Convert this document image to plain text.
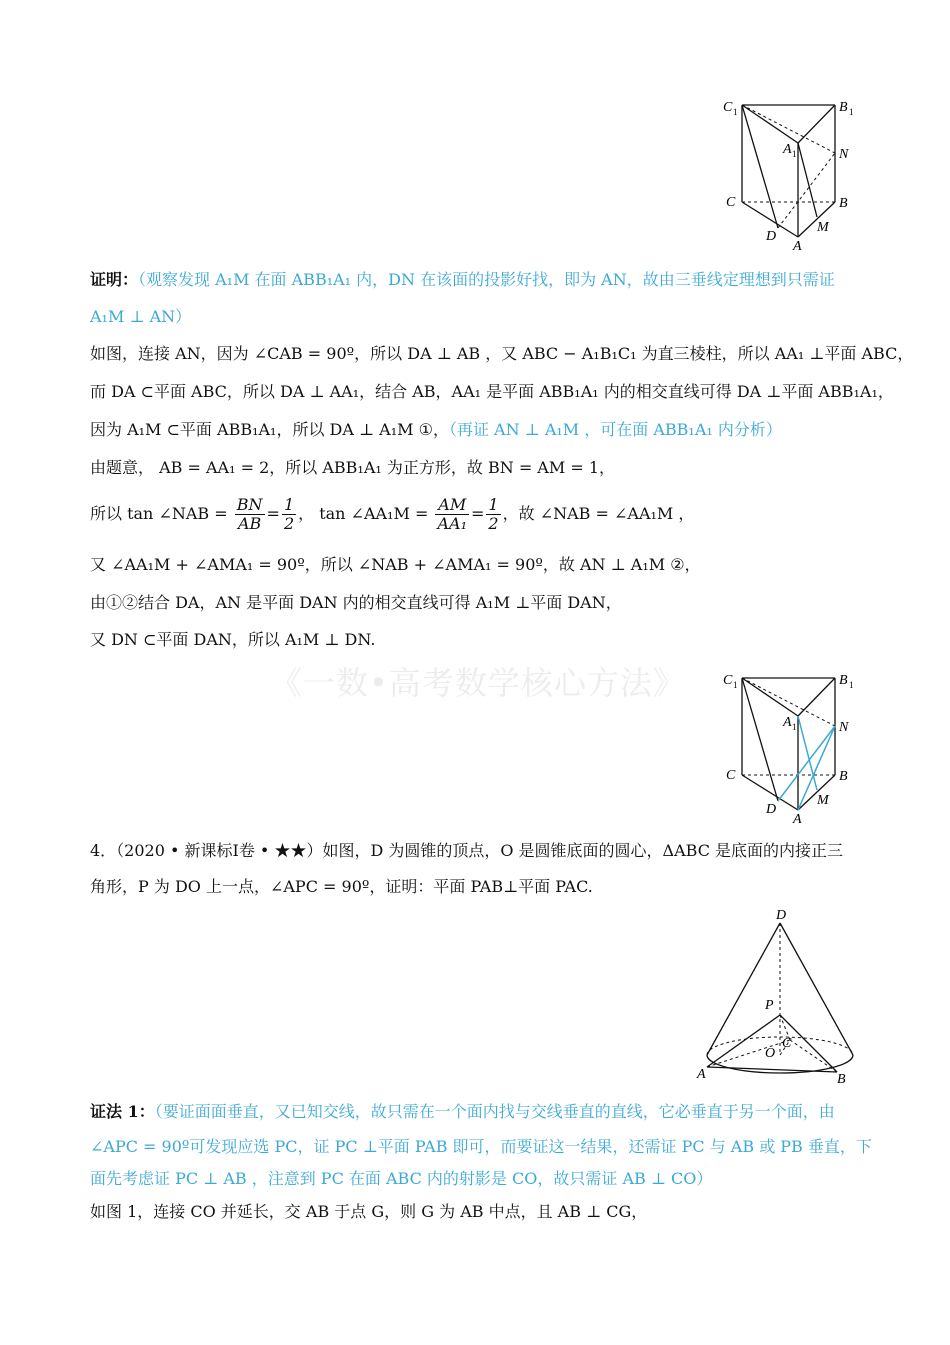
C 1	B 1
A 1	N
C	B
D
M
A
证明：（观察发现 A₁M 在面 ABB₁A₁ 内，DN 在该面的投影好找，即为 AN，故由三垂线定理想到只需证
A₁M ⊥ AN）
如图，连接 AN，因为 ∠CAB = 90º，所以 DA ⊥ AB ，又 ABC − A₁B₁C₁ 为直三棱柱，所以 AA₁ ⊥平面 ABC，
而 DA ⊂平面 ABC，所以 DA ⊥ AA₁，结合 AB，AA₁ 是平面 ABB₁A₁ 内的相交直线可得 DA ⊥平面 ABB₁A₁，
因为 A₁M ⊂平面 ABB₁A₁，所以 DA ⊥ A₁M ①，（再证 AN ⊥ A₁M ，可在面 ABB₁A₁ 内分析）
由题意， AB = AA₁ = 2，所以 ABB₁A₁ 为正方形，故 BN = AM = 1，
所以 tan ∠NAB = $\frac{BN}{AB} = \frac{1}{2}$ ， tan ∠AA₁M = $\frac{AM}{\text{AA₁}} = \frac{1}{2}$ ，故 ∠NAB = ∠AA₁M ，
又 ∠AA₁M + ∠AMA₁ = 90º，所以 ∠NAB + ∠AMA₁ = 90º，故 AN ⊥ A₁M ②，
由①②结合 DA，AN 是平面 DAN 内的相交直线可得 A₁M ⊥平面 DAN，
又 DN ⊂平面 DAN，所以 A₁M ⊥ DN.
《一数•高考数学核心方法》	C 1	B 1
A 1	N
C	B
D
M
A
4．（2020 • 新课标Ⅰ卷 • ★★）如图，D 为圆锥的顶点，O 是圆锥底面的圆心，ΔABC 是底面的内接正三
角形，P 为 DO 上一点，∠APC = 90º，证明：平面 PAB⊥平面 PAC.
D
P
C
O
A	B
证法 1：（要证面面垂直，又已知交线，故只需在一个面内找与交线垂直的直线，它必垂直于另一个面，由
∠APC = 90º可发现应选 PC，证 PC ⊥平面 PAB 即可，而要证这一结果，还需证 PC 与 AB 或 PB 垂直，下
面先考虑证 PC ⊥ AB ，注意到 PC 在面 ABC 内的射影是 CO，故只需证 AB ⊥ CO）
如图 1，连接 CO 并延长，交 AB 于点 G，则 G 为 AB 中点，且 AB ⊥ CG，
